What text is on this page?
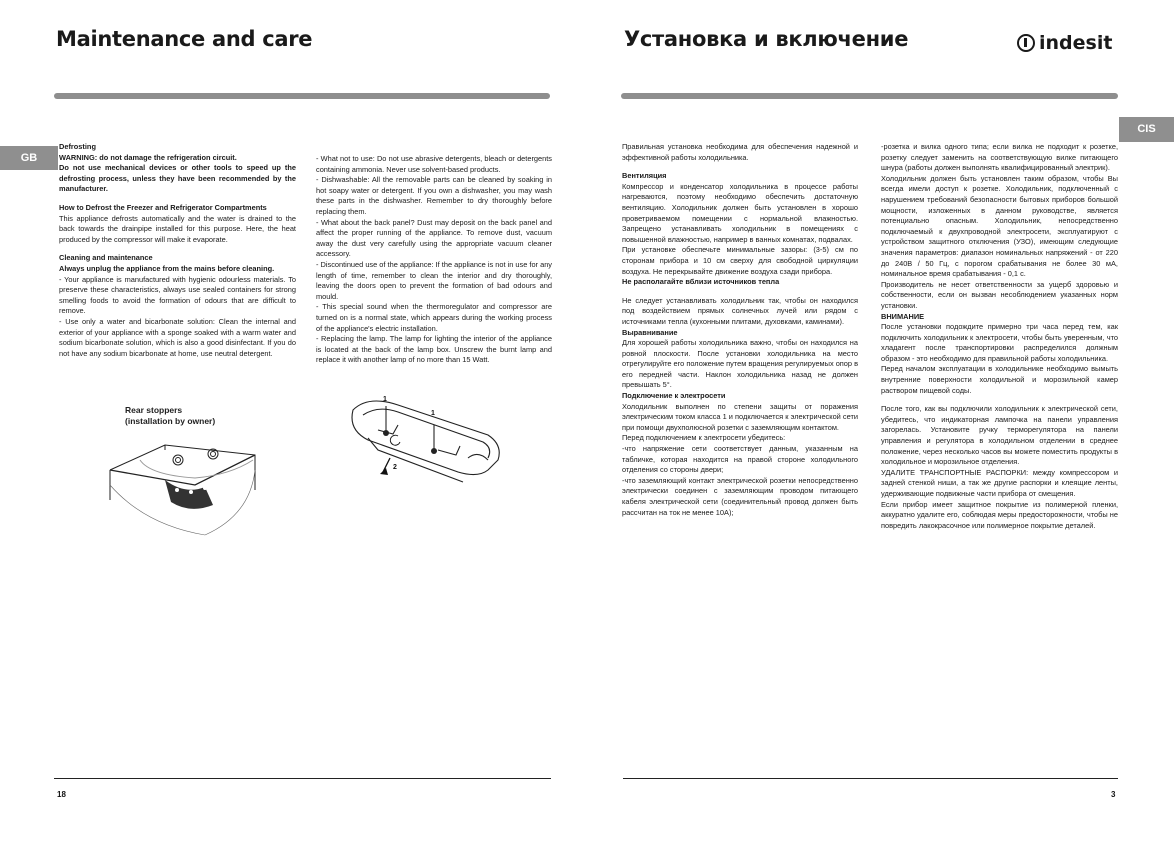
Maintenance and care
GB

Defrosting

WARNING: do not damage the refrigeration circuit.

Do not use mechanical devices or other tools to speed up the defrosting process, unless they have been recommended by the manufacturer.

How to Defrost the Freezer and Refrigerator Compartments

This appliance defrosts automatically and the water is drained to the back towards the drainpipe installed for this purpose. Here, the heat produced by the compressor will make it evaporate.

Cleaning and maintenance

Always unplug the appliance from the mains before cleaning.

- Your appliance is manufactured with hygienic odourless materials. To preserve these characteristics, always use sealed containers for strong smelling foods to avoid the formation of odours that are difficult to remove.

- Use only a water and bicarbonate solution: Clean the internal and exterior of your appliance with a sponge soaked with a warm water and sodium bicarbonate solution, which is also a good disinfectant. If you do not have any sodium bicarbonate at home, use neutral detergent.

- What not to use: Do not use abrasive detergents, bleach or detergents containing ammonia. Never use solvent-based products.

- Dishwashable: All the removable parts can be cleaned by soaking in hot soapy water or detergent. If you own a dishwasher, you may wash these parts in the dishwasher. Remember to dry thoroughly before replacing them.

- What about the back panel? Dust may deposit on the back panel and affect the proper running of the appliance. To remove dust, vacuum away the dust very carefully using the appropriate vacuum cleaner accessory.

- Discontinued use of the appliance: If the appliance is not in use for any length of time, remember to clean the interior and dry thoroughly, leaving the doors open to prevent the formation of bad odours and mould.

- This special sound when the thermoregulator and compressor are turned on is a normal state, which appears during the working process of the appliance's electric installation.

- Replacing the lamp. The lamp for lighting the interior of the appliance is located at the back of the lamp box. Unscrew the burnt lamp and replace it with another lamp of no more than 15 Watt.

Rear stoppers
(installation by owner)
1
1
2
18
Установка и включение	indesit
CIS

Правильная установка необходима для обеспечения надежной и эффективной работы холодильника.

Вентиляция

Компрессор и конденсатор холодильника в процессе работы нагреваются, поэтому необходимо обеспечить достаточную вентиляцию. Холодильник должен быть установлен в хорошо проветриваемом помещении с нормальной влажностью. Запрещено устанавливать холодильник в помещениях с повышенной влажностью, например в ванных комнатах, подвалах.

При установке обеспечьте минимальные зазоры: (3-5) см по сторонам прибора и 10 см сверху для свободной циркуляции воздуха. Не перекрывайте движение воздуха сзади прибора.

Не располагайте вблизи источников тепла

Не следует устанавливать холодильник так, чтобы он находился под воздействием прямых солнечных лучей или рядом с источниками тепла (кухонными плитами, духовками, каминами).

Выравнивание

Для хорошей работы холодильника важно, чтобы он находился на ровной плоскости. После установки холодильника на место отрегулируйте его положение путем вращения регулируемых опор в его передней части. Наклон холодильника назад не должен превышать 5°.

Подключение к электросети

Холодильник выполнен по степени защиты от поражения электрическим током класса 1 и подключается к электрической сети при помощи двухполюсной розетки с заземляющим контактом.

Перед подключением к электросети убедитесь:

-что напряжение сети соответствует данным, указанным на табличке, которая находится на правой стороне холодильного отделения со стороны двери;

-что заземляющий контакт электрической розетки непосредственно электрически соединен с заземляющим проводом питающего кабеля электрической сети (соединительный провод должен быть рассчитан на ток не менее 10А);

-розетка и вилка одного типа; если вилка не подходит к розетке, розетку следует заменить на соответствующую вилке питающего шнура (работы должен выполнять квалифицированный электрик).

Холодильник должен быть установлен таким образом, чтобы Вы всегда имели доступ к розетке. Холодильник, подключенный с нарушением требований безопасности бытовых приборов большой мощности, изложенных в данном руководстве, является потенциально опасным. Холодильник, непосредственно подключаемый к двухпроводной электросети, эксплуатируют с устройством защитного отключения (УЗО), имеющим следующие значения параметров: диапазон номинальных напряжений - от 220 до 240В / 50 Гц, с порогом срабатывания не более 30 мА, номинальное время срабатывания - 0,1 с.

Производитель не несет ответственности за ущерб здоровью и собственности, если он вызван несоблюдением указанных норм установки.

ВНИМАНИЕ

После установки подождите примерно три часа перед тем, как подключить холодильник к электросети, чтобы быть уверенным, что хладагент после транспортировки распределился должным образом - это необходимо для правильной работы холодильника.

Перед началом эксплуатации в холодильнике необходимо вымыть внутренние поверхности холодильной и морозильной камер раствором пищевой соды.

После того, как вы подключили холодильник к электрической сети, убедитесь, что индикаторная лампочка на панели управления загорелась. Установите ручку терморегулятора на панели управления и регулятора в холодильном отделении в среднее положение, через несколько часов вы можете поместить продукты в холодильное и морозильное отделения.

УДАЛИТЕ ТРАНСПОРТНЫЕ РАСПОРКИ: между компрессором и задней стенкой ниши, а так же другие распорки и клеящие ленты, удерживающие подвижные части прибора от смещения.

Если прибор имеет защитное покрытие из полимерной пленки, аккуратно удалите его, соблюдая меры предосторожности, чтобы не повредить лакокрасочное или полимерное покрытие деталей.

3
